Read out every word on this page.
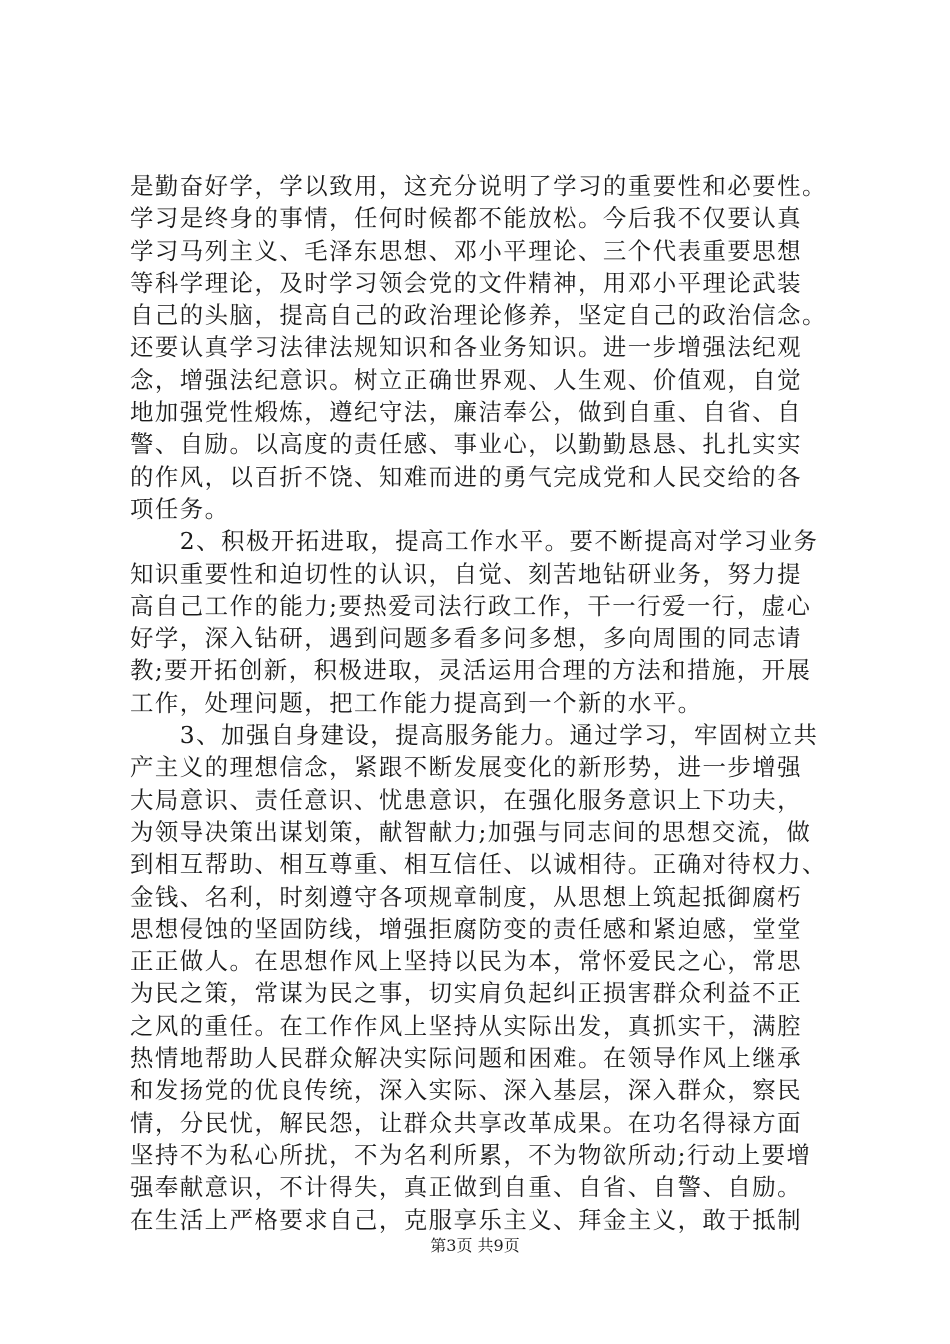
是勤奋好学，学以致用，这充分说明了学习的重要性和必要性。
学习是终身的事情，任何时候都不能放松。今后我不仅要认真
学习马列主义、毛泽东思想、邓小平理论、三个代表重要思想
等科学理论，及时学习领会党的文件精神，用邓小平理论武装
自己的头脑，提高自己的政治理论修养，坚定自己的政治信念。
还要认真学习法律法规知识和各业务知识。进一步增强法纪观
念，增强法纪意识。树立正确世界观、人生观、价值观，自觉
地加强党性煅炼，遵纪守法，廉洁奉公，做到自重、自省、自
警、自励。以高度的责任感、事业心，以勤勤恳恳、扎扎实实
的作风，以百折不饶、知难而进的勇气完成党和人民交给的各
项任务。
　　2、积极开拓进取，提高工作水平。要不断提高对学习业务
知识重要性和迫切性的认识，自觉、刻苦地钻研业务，努力提
高自己工作的能力;要热爱司法行政工作，干一行爱一行，虚心
好学，深入钻研，遇到问题多看多问多想，多向周围的同志请
教;要开拓创新，积极进取，灵活运用合理的方法和措施，开展
工作，处理问题，把工作能力提高到一个新的水平。
　　3、加强自身建设，提高服务能力。通过学习，牢固树立共
产主义的理想信念，紧跟不断发展变化的新形势，进一步增强
大局意识、责任意识、忧患意识，在强化服务意识上下功夫，
为领导决策出谋划策，献智献力;加强与同志间的思想交流，做
到相互帮助、相互尊重、相互信任、以诚相待。正确对待权力、
金钱、名利，时刻遵守各项规章制度，从思想上筑起抵御腐朽
思想侵蚀的坚固防线，增强拒腐防变的责任感和紧迫感，堂堂
正正做人。在思想作风上坚持以民为本，常怀爱民之心，常思
为民之策，常谋为民之事，切实肩负起纠正损害群众利益不正
之风的重任。在工作作风上坚持从实际出发，真抓实干，满腔
热情地帮助人民群众解决实际问题和困难。在领导作风上继承
和发扬党的优良传统，深入实际、深入基层，深入群众，察民
情，分民忧，解民怨，让群众共享改革成果。在功名得禄方面
坚持不为私心所扰，不为名利所累，不为物欲所动;行动上要增
强奉献意识，不计得失，真正做到自重、自省、自警、自励。
在生活上严格要求自己，克服享乐主义、拜金主义，敢于抵制
第3页 共9页
